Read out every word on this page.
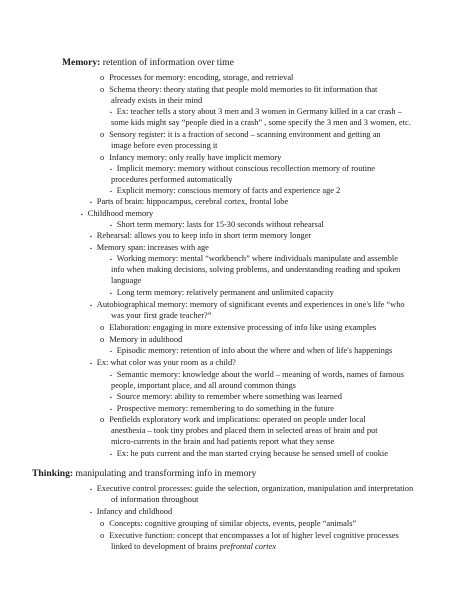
Memory: retention of information over time
o Processes for memory: encoding, storage, and retrieval
o Schema theory: theory stating that people mold memories to fit information that
already exists in their mind
▪ Ex: teacher tells a story about 3 men and 3 women in Germany killed in a car crash –
some kids might say “people died in a crash” , some specify the 3 men and 3 women, etc.
o Sensory register: it is a fraction of second – scanning environment and getting an
image before even processing it
o Infancy memory: only really have implicit memory
▪ Implicit memory: memory without conscious recollection memory of routine
procedures performed automatically
▪ Explicit memory: conscious memory of facts and experience age 2
▪ Parts of brain: hippocampus, cerebral cortex, frontal lobe
▪ Childhood memory
▪ Short term memory: lasts for 15-30 seconds without rehearsal
▪ Rehearsal: allows you to keep info in short term memory longer
▪ Memory span: increases with age
▪ Working memory: mental “workbench” where individuals manipulate and assemble
info when making decisions, solving problems, and understanding reading and spoken
language
▪ Long term memory: relatively permanent and unlimited capacity
▪ Autobiographical memory: memory of significant events and experiences in one's life “who
was your first grade teacher?”
o Elaboration: engaging in more extensive processing of info like using examples
o Memory in adulthood
▪ Episodic memory: retention of info about the where and when of life's happenings
▪ Ex: what color was your room as a child?
▪ Semantic memory: knowledge about the world – meaning of words, names of famous
people, important place, and all around common things
▪ Source memory: ability to remember where something was learned
▪ Prospective memory: remembering to do something in the future
o Penfields exploratory work and implications: operated on people under local
anesthesia – took tiny probes and placed them in selected areas of brain and put
micro-currents in the brain and had patients report what they sense
▪ Ex: he puts current and the man started crying because he sensed smell of cookie
Thinking: manipulating and transforming info in memory
▪ Executive control processes: guide the selection, organization, manipulation and interpretation
of information throughout
▪ Infancy and childhood
o Concepts: cognitive grouping of similar objects, events, people “animals”
o Executive function: concept that encompasses a lot of higher level cognitive processes
linked to development of brains prefrontal cortex
